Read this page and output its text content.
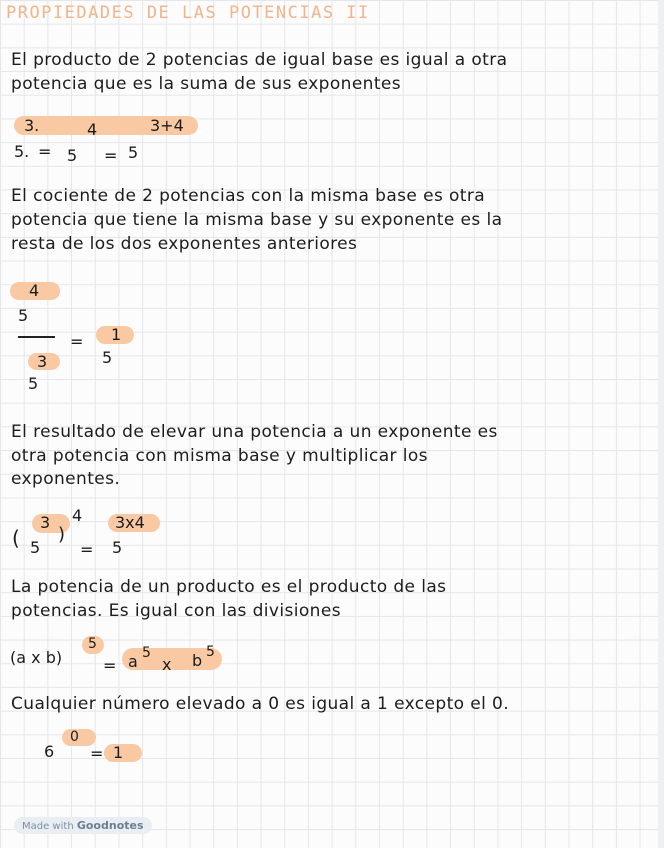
PROPIEDADES DE LAS POTENCIAS II
El producto de 2 potencias de igual base es igual a otra
potencia que es la suma de sus exponentes
3.	4	3+4
5. = 5 = 5
El cociente de 2 potencias con la misma base es otra
potencia que tiene la misma base y su exponente es la
resta de los dos exponentes anteriores
4
5
= 1
5
3
5
El resultado de elevar una potencia a un exponente es
otra potencia con misma base y multiplicar los
exponentes.
(
3 4
5
)
=
3x4
5
La potencia de un producto es el producto de las
potencias. Es igual con las divisiones
(a x b)
5
= a 5
x b 5
Cualquier número elevado a 0 es igual a 1 excepto el 0.
6
0
= 1
Made with Goodnotes
